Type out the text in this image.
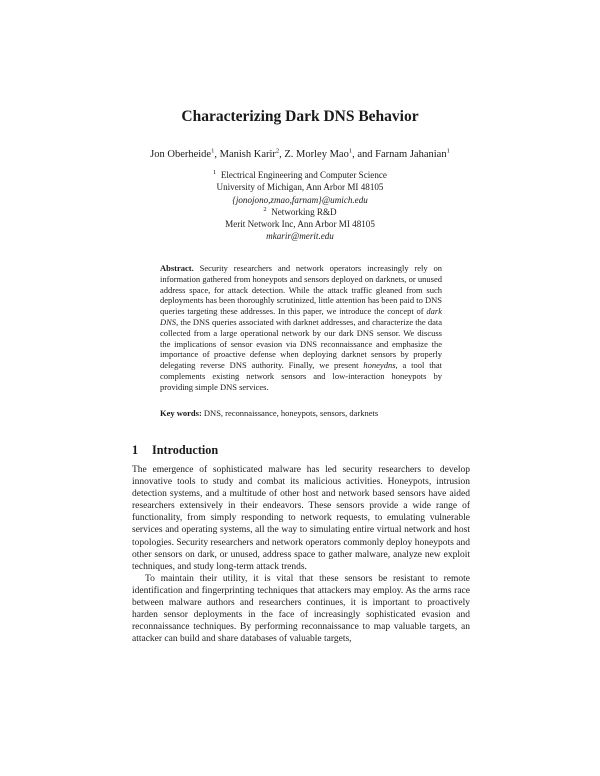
Characterizing Dark DNS Behavior
Jon Oberheide$^1$, Manish Karir$^2$, Z. Morley Mao$^1$, and Farnam Jahanian$^1$
$^1$ Electrical Engineering and Computer Science
University of Michigan, Ann Arbor MI 48105
{jonojono,zmao,farnam}@umich.edu
$^2$ Networking R&D
Merit Network Inc, Ann Arbor MI 48105
mkarir@merit.edu

Abstract. Security researchers and network operators increasingly rely on information gathered from honeypots and sensors deployed on darknets, or unused address space, for attack detection. While the attack traffic gleaned from such deployments has been thoroughly scrutinized, little attention has been paid to DNS queries targeting these addresses. In this paper, we introduce the concept of dark DNS, the DNS queries associated with darknet addresses, and characterize the data collected from a large operational network by our dark DNS sensor. We discuss the implications of sensor evasion via DNS reconnaissance and emphasize the importance of proactive defense when deploying darknet sensors by properly delegating reverse DNS authority. Finally, we present honeydns, a tool that complements existing network sensors and low-interaction honeypots by providing simple DNS services.

Key words: DNS, reconnaissance, honeypots, sensors, darknets
1 Introduction

The emergence of sophisticated malware has led security researchers to develop innovative tools to study and combat its malicious activities. Honeypots, intrusion detection systems, and a multitude of other host and network based sensors have aided researchers extensively in their endeavors. These sensors provide a wide range of functionality, from simply responding to network requests, to emulating vulnerable services and operating systems, all the way to simulating entire virtual network and host topologies. Security researchers and network operators commonly deploy honeypots and other sensors on dark, or unused, address space to gather malware, analyze new exploit techniques, and study long-term attack trends.

To maintain their utility, it is vital that these sensors be resistant to remote identification and fingerprinting techniques that attackers may employ. As the arms race between malware authors and researchers continues, it is important to proactively harden sensor deployments in the face of increasingly sophisticated evasion and reconnaissance techniques. By performing reconnaissance to map valuable targets, an attacker can build and share databases of valuable targets,
